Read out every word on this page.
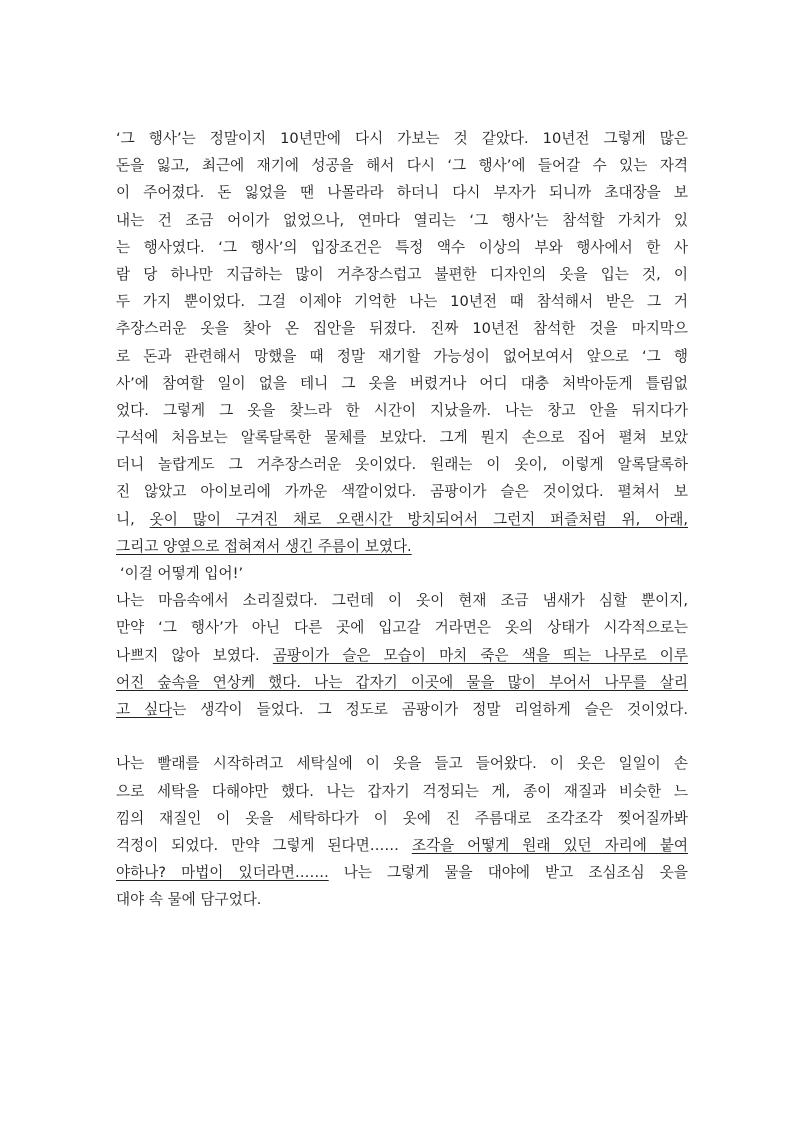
‘그 행사’는 정말이지 10년만에 다시 가보는 것 같았다. 10년전 그렇게 많은
돈을 잃고, 최근에 재기에 성공을 해서 다시 ‘그 행사’에 들어갈 수 있는 자격
이 주어졌다. 돈 잃었을 땐 나몰라라 하더니 다시 부자가 되니까 초대장을 보
내는 건 조금 어이가 없었으나, 연마다 열리는 ‘그 행사’는 참석할 가치가 있
는 행사였다. ‘그 행사’의 입장조건은 특정 액수 이상의 부와 행사에서 한 사
람 당 하나만 지급하는 많이 거추장스럽고 불편한 디자인의 옷을 입는 것, 이
두 가지 뿐이었다. 그걸 이제야 기억한 나는 10년전 때 참석해서 받은 그 거
추장스러운 옷을 찾아 온 집안을 뒤졌다. 진짜 10년전 참석한 것을 마지막으
로 돈과 관련해서 망했을 때 정말 재기할 가능성이 없어보여서 앞으로 ‘그 행
사’에 참여할 일이 없을 테니 그 옷을 버렸거나 어디 대충 처박아둔게 틀림없
었다. 그렇게 그 옷을 찾느라 한 시간이 지났을까. 나는 창고 안을 뒤지다가
구석에 처음보는 알록달록한 물체를 보았다. 그게 뭔지 손으로 집어 펼쳐 보았
더니 놀랍게도 그 거추장스러운 옷이었다. 원래는 이 옷이, 이렇게 알록달록하
진 않았고 아이보리에 가까운 색깔이었다. 곰팡이가 슬은 것이었다. 펼쳐서 보
니, 옷이 많이 구겨진 채로 오랜시간 방치되어서 그런지 퍼즐처럼 위, 아래,
그리고 양옆으로 접혀져서 생긴 주름이 보였다.
‘이걸 어떻게 입어!’
나는 마음속에서 소리질렀다. 그런데 이 옷이 현재 조금 냄새가 심할 뿐이지,
만약 ‘그 행사’가 아닌 다른 곳에 입고갈 거라면은 옷의 상태가 시각적으로는
나쁘지 않아 보였다. 곰팡이가 슬은 모습이 마치 죽은 색을 띄는 나무로 이루
어진 숲속을 연상케 했다. 나는 갑자기 이곳에 물을 많이 부어서 나무를 살리
고 싶다는 생각이 들었다. 그 정도로 곰팡이가 정말 리얼하게 슬은 것이었다.
나는 빨래를 시작하려고 세탁실에 이 옷을 들고 들어왔다. 이 옷은 일일이 손
으로 세탁을 다해야만 했다. 나는 갑자기 걱정되는 게, 종이 재질과 비슷한 느
낌의 재질인 이 옷을 세탁하다가 이 옷에 진 주름대로 조각조각 찢어질까봐
걱정이 되었다. 만약 그렇게 된다면…… 조각을 어떻게 원래 있던 자리에 붙여
야하나? 마법이 있더라면……. 나는 그렇게 물을 대야에 받고 조심조심 옷을
대야 속 물에 담구었다.
